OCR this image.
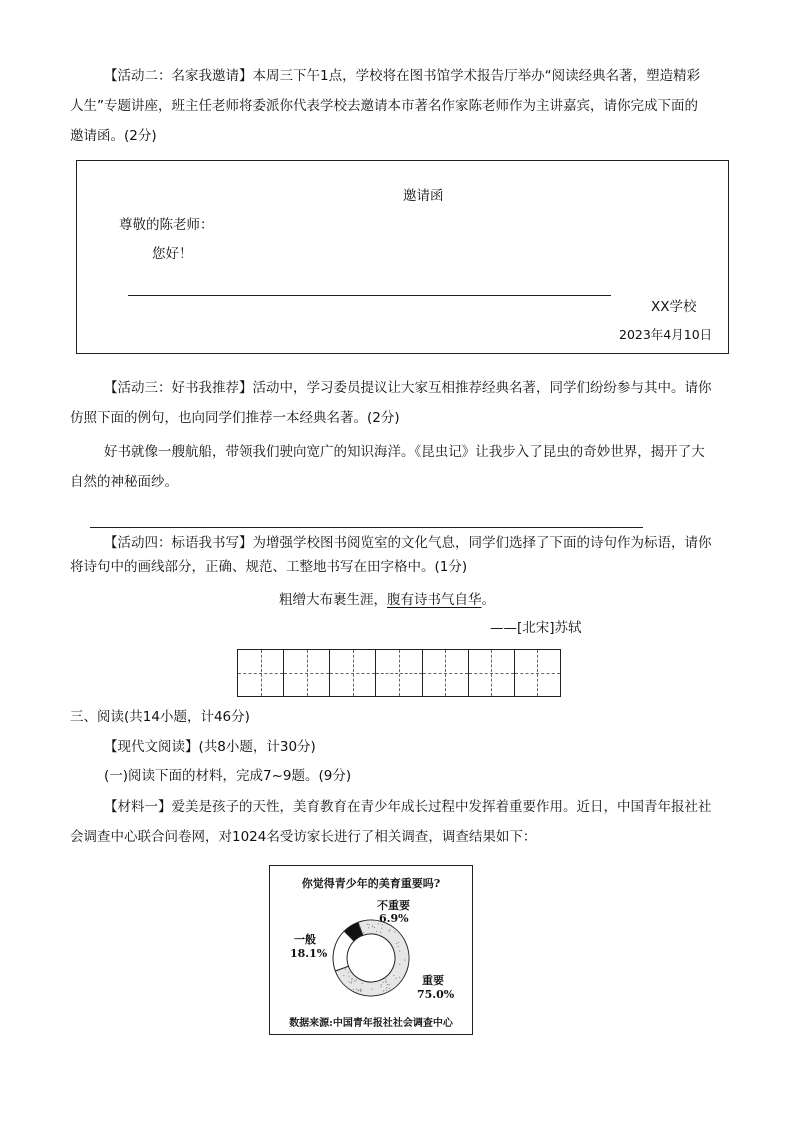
【活动二：名家我邀请】本周三下午1点，学校将在图书馆学术报告厅举办“阅读经典名著，塑造精彩
人生”专题讲座，班主任老师将委派你代表学校去邀请本市著名作家陈老师作为主讲嘉宾，请你完成下面的
邀请函。(2分)
邀请函
尊敬的陈老师：
您好！
XX学校
2023年4月10日
【活动三：好书我推荐】活动中，学习委员提议让大家互相推荐经典名著，同学们纷纷参与其中。请你
仿照下面的例句，也向同学们推荐一本经典名著。(2分)
好书就像一艘航船，带领我们驶向宽广的知识海洋。《昆虫记》让我步入了昆虫的奇妙世界，揭开了大
自然的神秘面纱。
【活动四：标语我书写】为增强学校图书阅览室的文化气息，同学们选择了下面的诗句作为标语，请你
将诗句中的画线部分，正确、规范、工整地书写在田字格中。(1分)
粗缯大布裹生涯，腹有诗书气自华。
——[北宋]苏轼
三、阅读(共14小题，计46分)
【现代文阅读】(共8小题，计30分)
(一)阅读下面的材料，完成7~9题。(9分)
【材料一】爱美是孩子的天性，美育教育在青少年成长过程中发挥着重要作用。近日，中国青年报社社
会调查中心联合问卷网，对1024名受访家长进行了相关调查，调查结果如下：
你觉得青少年的美育重要吗?
不重要
6.9%
一般
18.1%
重要
75.0%
数据来源:中国青年报社社会调查中心
